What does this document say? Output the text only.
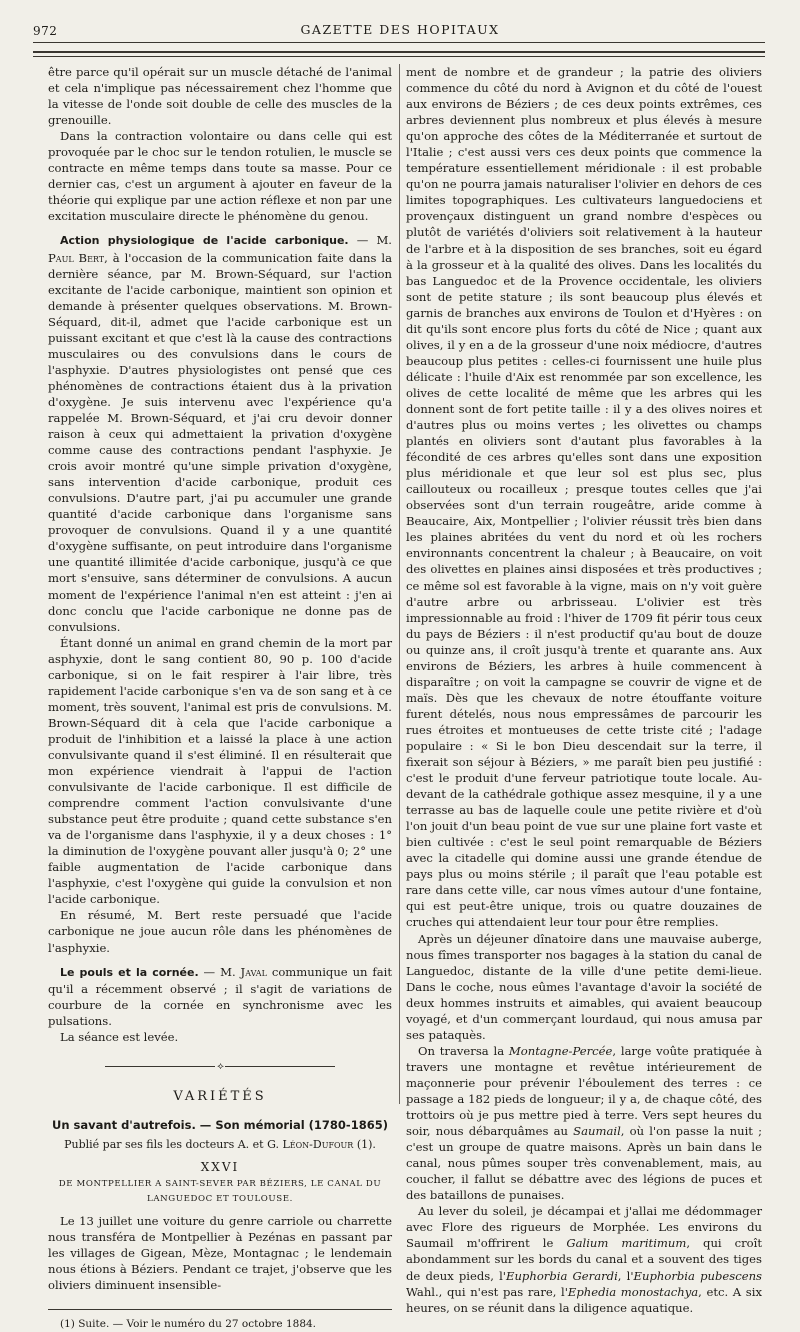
972	GAZETTE DES HOPITAUX

être parce qu'il opérait sur un muscle détaché de l'animal et cela n'implique pas nécessairement chez l'homme que la vitesse de l'onde soit double de celle des muscles de la grenouille.

Dans la contraction volontaire ou dans celle qui est provoquée par le choc sur le tendon rotulien, le muscle se contracte en même temps dans toute sa masse. Pour ce dernier cas, c'est un argument à ajouter en faveur de la théorie qui explique par une action réflexe et non par une excitation musculaire directe le phénomène du genou.

Action physiologique de l'acide carbonique. — M. Paul Bert, à l'occasion de la communication faite dans la dernière séance, par M. Brown-Séquard, sur l'action excitante de l'acide carbonique, maintient son opinion et demande à présenter quelques observations. M. Brown-Séquard, dit-il, admet que l'acide carbonique est un puissant excitant et que c'est là la cause des contractions musculaires ou des convulsions dans le cours de l'asphyxie. D'autres physiologistes ont pensé que ces phénomènes de contractions étaient dus à la privation d'oxygène. Je suis intervenu avec l'expérience qu'a rappelée M. Brown-Séquard, et j'ai cru devoir donner raison à ceux qui admettaient la privation d'oxygène comme cause des contractions pendant l'asphyxie. Je crois avoir montré qu'une simple privation d'oxygène, sans intervention d'acide carbonique, produit ces convulsions. D'autre part, j'ai pu accumuler une grande quantité d'acide carbonique dans l'organisme sans provoquer de convulsions. Quand il y a une quantité d'oxygène suffisante, on peut introduire dans l'organisme une quantité illimitée d'acide carbonique, jusqu'à ce que mort s'ensuive, sans déterminer de convulsions. A aucun moment de l'expérience l'animal n'en est atteint : j'en ai donc conclu que l'acide carbonique ne donne pas de convulsions.

Étant donné un animal en grand chemin de la mort par asphyxie, dont le sang contient 80, 90 p. 100 d'acide carbonique, si on le fait respirer à l'air libre, très rapidement l'acide carbonique s'en va de son sang et à ce moment, très souvent, l'animal est pris de convulsions. M. Brown-Séquard dit à cela que l'acide carbonique a produit de l'inhibition et a laissé la place à une action convulsivante quand il s'est éliminé. Il en résulterait que mon expérience viendrait à l'appui de l'action convulsivante de l'acide carbonique. Il est difficile de comprendre comment l'action convulsivante d'une substance peut être produite ; quand cette substance s'en va de l'organisme dans l'asphyxie, il y a deux choses : 1° la diminution de l'oxygène pouvant aller jusqu'à 0; 2° une faible augmentation de l'acide carbonique dans l'asphyxie, c'est l'oxygène qui guide la convulsion et non l'acide carbonique.

En résumé, M. Bert reste persuadé que l'acide carbonique ne joue aucun rôle dans les phénomènes de l'asphyxie.

Le pouls et la cornée. — M. Javal communique un fait qu'il a récemment observé ; il s'agit de variations de courbure de la cornée en synchronisme avec les pulsations.

La séance est levée.

⟡
VARIÉTÉS
Un savant d'autrefois. — Son mémorial (1780-1865)
Publié par ses fils les docteurs A. et G. Léon-Dufour (1).
XXVI
DE MONTPELLIER A SAINT-SEVER PAR BÉZIERS, LE CANAL DU LANGUEDOC ET TOULOUSE.

Le 13 juillet une voiture du genre carriole ou charrette nous transféra de Montpellier à Pezénas en passant par les villages de Gigean, Mèze, Montagnac ; le lendemain nous étions à Béziers. Pendant ce trajet, j'observe que les oliviers diminuent insensible-

(1) Suite. — Voir le numéro du 27 octobre 1884.

ment de nombre et de grandeur ; la patrie des oliviers commence du côté du nord à Avignon et du côté de l'ouest aux environs de Béziers ; de ces deux points extrêmes, ces arbres deviennent plus nombreux et plus élevés à mesure qu'on approche des côtes de la Méditerranée et surtout de l'Italie ; c'est aussi vers ces deux points que commence la température essentiellement méridionale : il est probable qu'on ne pourra jamais naturaliser l'olivier en dehors de ces limites topographiques. Les cultivateurs languedociens et provençaux distinguent un grand nombre d'espèces ou plutôt de variétés d'oliviers soit relativement à la hauteur de l'arbre et à la disposition de ses branches, soit eu égard à la grosseur et à la qualité des olives. Dans les localités du bas Languedoc et de la Provence occidentale, les oliviers sont de petite stature ; ils sont beaucoup plus élevés et garnis de branches aux environs de Toulon et d'Hyères : on dit qu'ils sont encore plus forts du côté de Nice ; quant aux olives, il y en a de la grosseur d'une noix médiocre, d'autres beaucoup plus petites : celles-ci fournissent une huile plus délicate : l'huile d'Aix est renommée par son excellence, les olives de cette localité de même que les arbres qui les donnent sont de fort petite taille : il y a des olives noires et d'autres plus ou moins vertes ; les olivettes ou champs plantés en oliviers sont d'autant plus favorables à la fécondité de ces arbres qu'elles sont dans une exposition plus méridionale et que leur sol est plus sec, plus caillouteux ou rocailleux ; presque toutes celles que j'ai observées sont d'un terrain rougeâtre, aride comme à Beaucaire, Aix, Montpellier ; l'olivier réussit très bien dans les plaines abritées du vent du nord et où les rochers environnants concentrent la chaleur ; à Beaucaire, on voit des olivettes en plaines ainsi disposées et très productives ; ce même sol est favorable à la vigne, mais on n'y voit guère d'autre arbre ou arbrisseau. L'olivier est très impressionnable au froid : l'hiver de 1709 fit périr tous ceux du pays de Béziers : il n'est productif qu'au bout de douze ou quinze ans, il croît jusqu'à trente et quarante ans. Aux environs de Béziers, les arbres à huile commencent à disparaître ; on voit la campagne se couvrir de vigne et de maïs. Dès que les chevaux de notre étouffante voiture furent dételés, nous nous empressâmes de parcourir les rues étroites et montueuses de cette triste cité ; l'adage populaire : « Si le bon Dieu descendait sur la terre, il fixerait son séjour à Béziers, » me paraît bien peu justifié : c'est le produit d'une ferveur patriotique toute locale. Au-devant de la cathédrale gothique assez mesquine, il y a une terrasse au bas de laquelle coule une petite rivière et d'où l'on jouit d'un beau point de vue sur une plaine fort vaste et bien cultivée : c'est le seul point remarquable de Béziers avec la citadelle qui domine aussi une grande étendue de pays plus ou moins stérile ; il paraît que l'eau potable est rare dans cette ville, car nous vîmes autour d'une fontaine, qui est peut-être unique, trois ou quatre douzaines de cruches qui attendaient leur tour pour être remplies.

Après un déjeuner dînatoire dans une mauvaise auberge, nous fîmes transporter nos bagages à la station du canal de Languedoc, distante de la ville d'une petite demi-lieue. Dans le coche, nous eûmes l'avantage d'avoir la société de deux hommes instruits et aimables, qui avaient beaucoup voyagé, et d'un commerçant lourdaud, qui nous amusa par ses pataquès.

On traversa la Montagne-Percée, large voûte pratiquée à travers une montagne et revêtue intérieurement de maçonnerie pour prévenir l'éboulement des terres : ce passage a 182 pieds de longueur; il y a, de chaque côté, des trottoirs où je pus mettre pied à terre. Vers sept heures du soir, nous débarquâmes au Saumail, où l'on passe la nuit ; c'est un groupe de quatre maisons. Après un bain dans le canal, nous pûmes souper très convenablement, mais, au coucher, il fallut se débattre avec des légions de puces et des bataillons de punaises.

Au lever du soleil, je décampai et j'allai me dédommager avec Flore des rigueurs de Morphée. Les environs du Saumail m'offrirent le Galium maritimum, qui croît abondamment sur les bords du canal et a souvent des tiges de deux pieds, l'Euphorbia Gerardi, l'Euphorbia pubescens Wahl., qui n'est pas rare, l'Ephedia monostachya, etc. A six heures, on se réunit dans la diligence aquatique.
